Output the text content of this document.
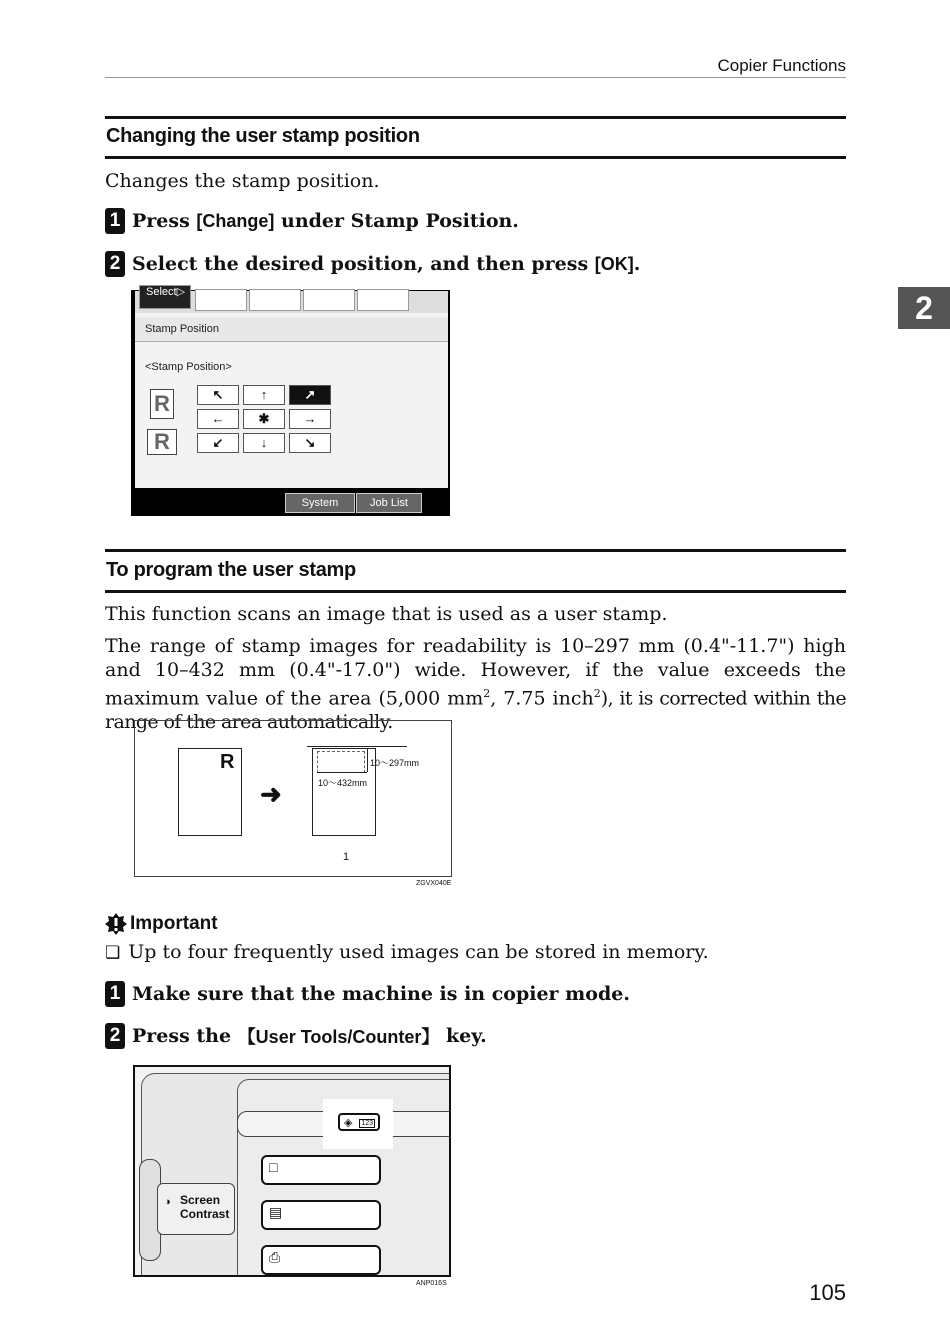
Copier Functions
2
Changing the user stamp position
Changes the stamp position.
1 Press [Change] under Stamp Position.
2 Select the desired position, and then press [OK] .
Select▷
Stamp Position
<Stamp Position>
R
R
↖	↑	↗
←	✱	→
↙	↓	↘
System Status
Job List
To program the user stamp
This function scans an image that is used as a user stamp.
The range of stamp images for readability is 10–297 mm (0.4"-11.7") high and 10–432 mm (0.4"-17.0") wide. However, if the value exceeds the maximum value of the area (5,000 $mm^2$, 7.75 inch$^2$), it is corrected within the range of the area automatically.
R
➜
10～297mm
10～432mm
1
ZGVX040E
Important
❏ Up to four frequently used images can be stored in memory.
1 Make sure that the machine is in copier mode.
2 Press the 【User Tools/Counter】 key.
◈ 123
□
▤
⎙
◑ Screen
Contrast
ANP016S	105
